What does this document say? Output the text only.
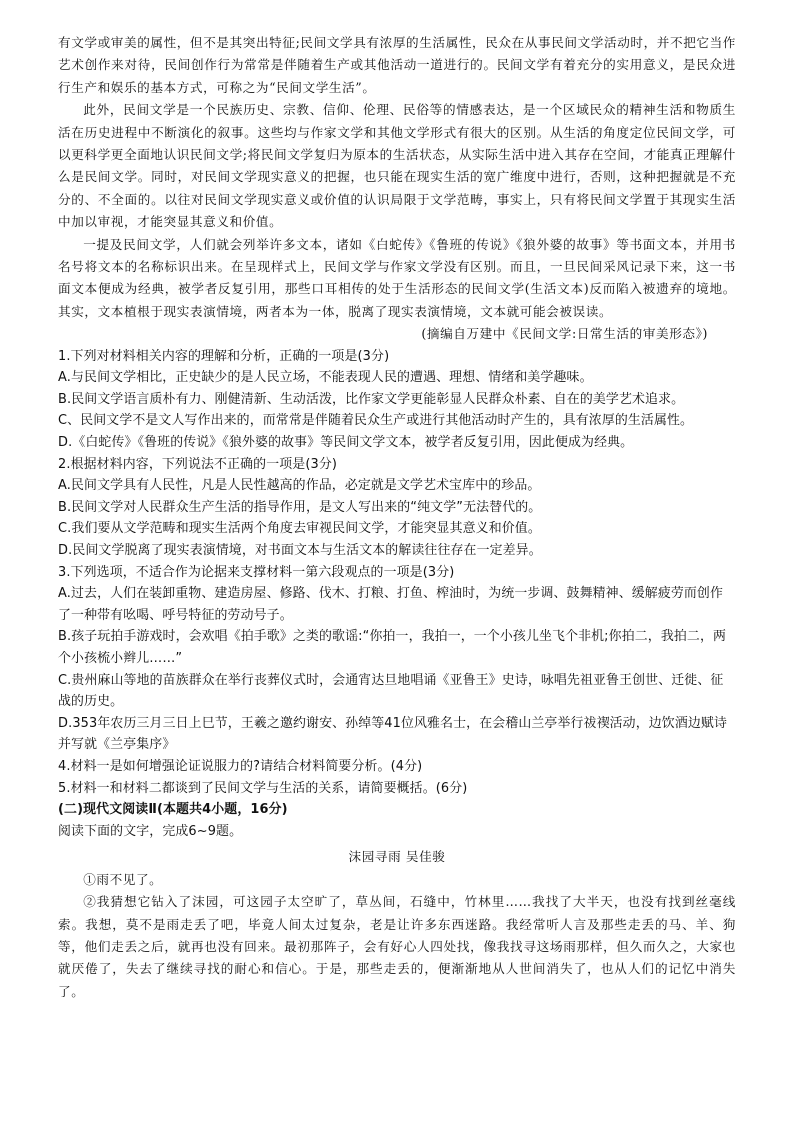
有文学或审美的属性，但不是其突出特征;民间文学具有浓厚的生活属性，民众在从事民间文学活动时，并不把它当作艺术创作来对待，民间创作行为常常是伴随着生产或其他活动一道进行的。民间文学有着充分的实用意义，是民众进行生产和娱乐的基本方式，可称之为“民间文学生活”。

此外，民间文学是一个民族历史、宗教、信仰、伦理、民俗等的情感表达，是一个区域民众的精神生活和物质生活在历史进程中不断演化的叙事。这些均与作家文学和其他文学形式有很大的区别。从生活的角度定位民间文学，可以更科学更全面地认识民间文学;将民间文学复归为原本的生活状态，从实际生活中进入其存在空间，才能真正理解什么是民间文学。同时，对民间文学现实意义的把握，也只能在现实生活的宽广维度中进行，否则，这种把握就是不充分的、不全面的。以往对民间文学现实意义或价值的认识局限于文学范畴，事实上，只有将民间文学置于其现实生活中加以审视，才能突显其意义和价值。

一提及民间文学，人们就会列举许多文本，诸如《白蛇传》《鲁班的传说》《狼外婆的故事》等书面文本，并用书名号将文本的名称标识出来。在呈现样式上，民间文学与作家文学没有区别。而且，一旦民间采风记录下来，这一书面文本便成为经典，被学者反复引用，那些口耳相传的处于生活形态的民间文学(生活文本)反而陷入被遗弃的境地。其实，文本植根于现实表演情境，两者本为一体，脱离了现实表演情境，文本就可能会被误读。

(摘编自万建中《民间文学:日常生活的审美形态》)

1.下列对材料相关内容的理解和分析，正确的一项是(3分)

A.与民间文学相比，正史缺少的是人民立场，不能表现人民的遭遇、理想、情绪和美学趣味。

B.民间文学语言质朴有力、刚健清新、生动活泼，比作家文学更能彰显人民群众朴素、自在的美学艺术追求。

C、民间文学不是文人写作出来的，而常常是伴随着民众生产或进行其他活动时产生的，具有浓厚的生活属性。

D.《白蛇传》《鲁班的传说》《狼外婆的故事》等民间文学文本，被学者反复引用，因此便成为经典。

2.根据材料内容，下列说法不正确的一项是(3分)

A.民间文学具有人民性，凡是人民性越高的作品，必定就是文学艺术宝库中的珍品。

B.民间文学对人民群众生产生活的指导作用，是文人写出来的“纯文学”无法替代的。

C.我们要从文学范畴和现实生活两个角度去审视民间文学，才能突显其意义和价值。

D.民间文学脱离了现实表演情境，对书面文本与生活文本的解读往往存在一定差异。

3.下列选项，不适合作为论据来支撑材料一第六段观点的一项是(3分)

A.过去，人们在装卸重物、建造房屋、修路、伐木、打粮、打鱼、榨油时，为统一步调、鼓舞精神、缓解疲劳而创作了一种带有吆喝、呼号特征的劳动号子。

B.孩子玩拍手游戏时，会欢唱《拍手歌》之类的歌谣:“你拍一，我拍一，一个小孩儿坐飞个非机;你拍二，我拍二，两个小孩梳小辫儿……”

C.贵州麻山等地的苗族群众在举行丧葬仪式时，会通宵达旦地唱诵《亚鲁王》史诗，咏唱先祖亚鲁王创世、迁徙、征战的历史。

D.353年农历三月三日上巳节，王羲之邀约谢安、孙绰等41位风雅名士，在会稽山兰亭举行祓禊活动，边饮酒边赋诗并写就《兰亭集序》

4.材料一是如何增强论证说服力的?请结合材料简要分析。(4分)

5.材料一和材料二都谈到了民间文学与生活的关系，请简要概括。(6分)

(二)现代文阅读Ⅱ(本题共4小题，16分)

阅读下面的文字，完成6~9题。

沫园寻雨 吴佳骏

①雨不见了。

②我猜想它钻入了沫园，可这园子太空旷了，草丛间，石缝中，竹林里……我找了大半天，也没有找到丝毫线索。我想，莫不是雨走丢了吧，毕竟人间太过复杂，老是让许多东西迷路。我经常听人言及那些走丢的马、羊、狗等，他们走丢之后，就再也没有回来。最初那阵子，会有好心人四处找，像我找寻这场雨那样，但久而久之，大家也就厌倦了，失去了继续寻找的耐心和信心。于是，那些走丢的，便渐渐地从人世间消失了，也从人们的记忆中消失了。
